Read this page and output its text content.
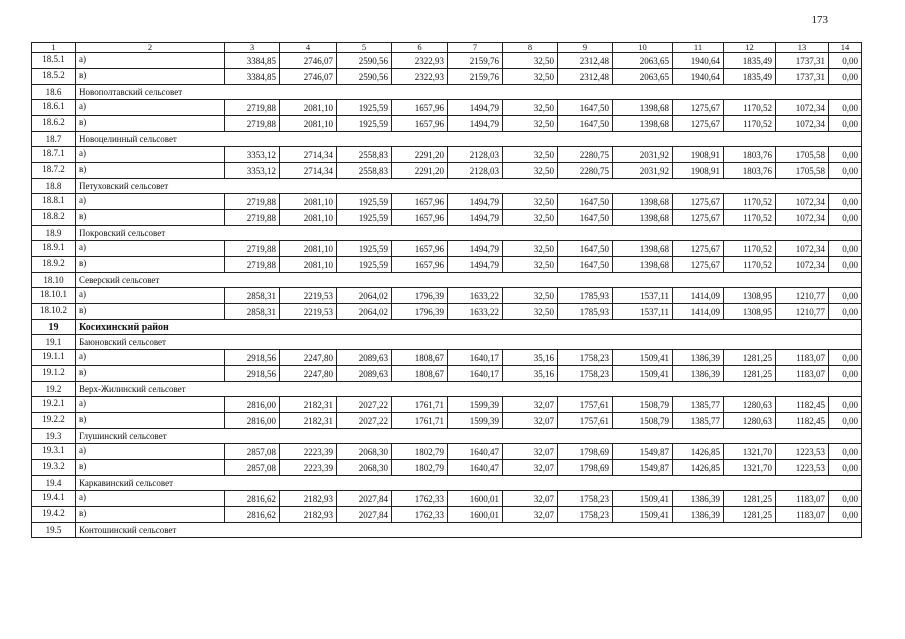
173
1	2	3	4	5	6	7	8	9	10	11	12	13	14
18.5.1	а)	3384,85	2746,07	2590,56	2322,93	2159,76	32,50	2312,48	2063,65	1940,64	1835,49	1737,31	0,00
18.5.2	в)	3384,85	2746,07	2590,56	2322,93	2159,76	32,50	2312,48	2063,65	1940,64	1835,49	1737,31	0,00
18.6	Новополтавский сельсовет												
18.6.1	а)	2719,88	2081,10	1925,59	1657,96	1494,79	32,50	1647,50	1398,68	1275,67	1170,52	1072,34	0,00
18.6.2	в)	2719,88	2081,10	1925,59	1657,96	1494,79	32,50	1647,50	1398,68	1275,67	1170,52	1072,34	0,00
18.7	Новоцелинный сельсовет												
18.7.1	а)	3353,12	2714,34	2558,83	2291,20	2128,03	32,50	2280,75	2031,92	1908,91	1803,76	1705,58	0,00
18.7.2	в)	3353,12	2714,34	2558,83	2291,20	2128,03	32,50	2280,75	2031,92	1908,91	1803,76	1705,58	0,00
18.8	Петуховский сельсовет												
18.8.1	а)	2719,88	2081,10	1925,59	1657,96	1494,79	32,50	1647,50	1398,68	1275,67	1170,52	1072,34	0,00
18.8.2	в)	2719,88	2081,10	1925,59	1657,96	1494,79	32,50	1647,50	1398,68	1275,67	1170,52	1072,34	0,00
18.9	Покровский сельсовет												
18.9.1	а)	2719,88	2081,10	1925,59	1657,96	1494,79	32,50	1647,50	1398,68	1275,67	1170,52	1072,34	0,00
18.9.2	в)	2719,88	2081,10	1925,59	1657,96	1494,79	32,50	1647,50	1398,68	1275,67	1170,52	1072,34	0,00
18.10	Северский сельсовет												
18.10.1	а)	2858,31	2219,53	2064,02	1796,39	1633,22	32,50	1785,93	1537,11	1414,09	1308,95	1210,77	0,00
18.10.2	в)	2858,31	2219,53	2064,02	1796,39	1633,22	32,50	1785,93	1537,11	1414,09	1308,95	1210,77	0,00
19	Косихинский район												
19.1	Баюновский сельсовет												
19.1.1	а)	2918,56	2247,80	2089,63	1808,67	1640,17	35,16	1758,23	1509,41	1386,39	1281,25	1183,07	0,00
19.1.2	в)	2918,56	2247,80	2089,63	1808,67	1640,17	35,16	1758,23	1509,41	1386,39	1281,25	1183,07	0,00
19.2	Верх-Жилинский сельсовет												
19.2.1	а)	2816,00	2182,31	2027,22	1761,71	1599,39	32,07	1757,61	1508,79	1385,77	1280,63	1182,45	0,00
19.2.2	в)	2816,00	2182,31	2027,22	1761,71	1599,39	32,07	1757,61	1508,79	1385,77	1280,63	1182,45	0,00
19.3	Глушинский сельсовет												
19.3.1	а)	2857,08	2223,39	2068,30	1802,79	1640,47	32,07	1798,69	1549,87	1426,85	1321,70	1223,53	0,00
19.3.2	в)	2857,08	2223,39	2068,30	1802,79	1640,47	32,07	1798,69	1549,87	1426,85	1321,70	1223,53	0,00
19.4	Каркавинский сельсовет												
19.4.1	а)	2816,62	2182,93	2027,84	1762,33	1600,01	32,07	1758,23	1509,41	1386,39	1281,25	1183,07	0,00
19.4.2	в)	2816,62	2182,93	2027,84	1762,33	1600,01	32,07	1758,23	1509,41	1386,39	1281,25	1183,07	0,00
19.5	Контошинский сельсовет												
